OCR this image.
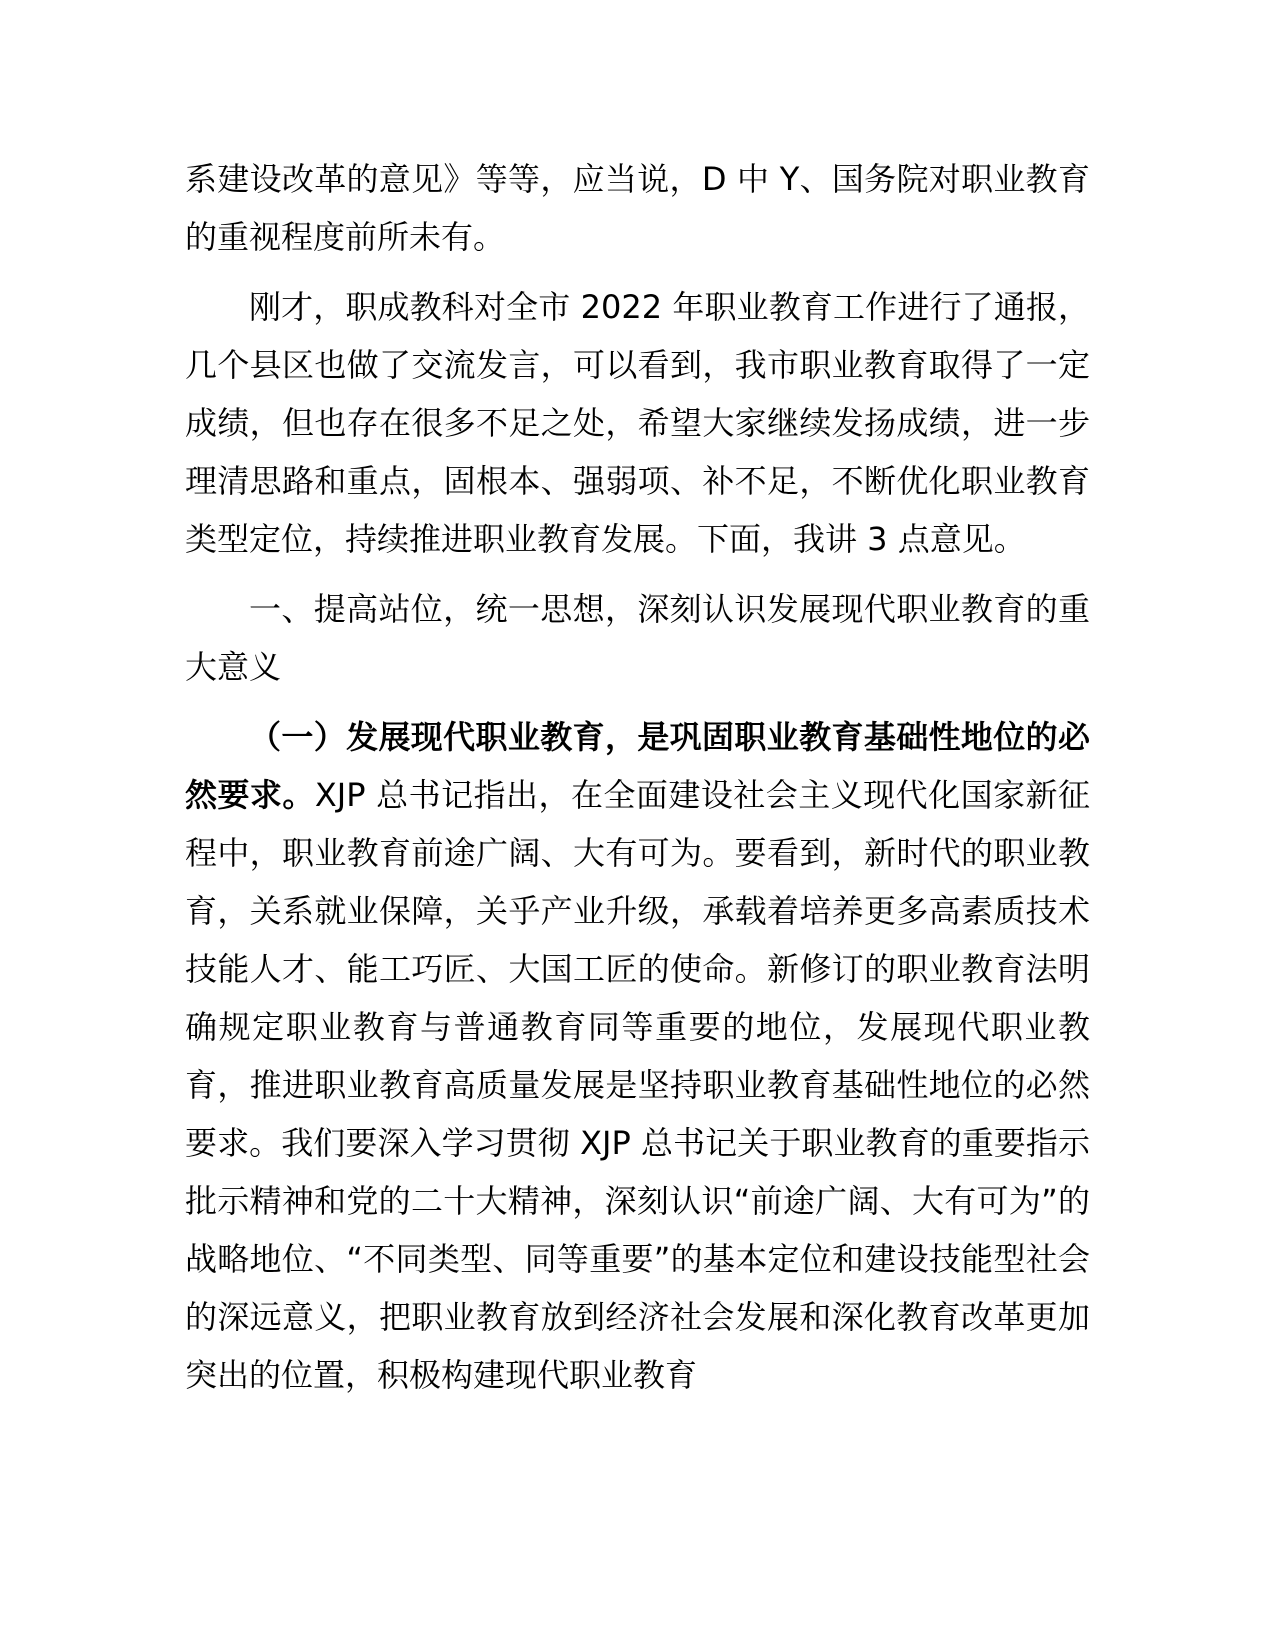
系建设改革的意见》等等，应当说，D 中 Y、国务院对职业教育的重视程度前所未有。

刚才，职成教科对全市 2022 年职业教育工作进行了通报，几个县区也做了交流发言，可以看到，我市职业教育取得了一定成绩，但也存在很多不足之处，希望大家继续发扬成绩，进一步理清思路和重点，固根本、强弱项、补不足，不断优化职业教育类型定位，持续推进职业教育发展。下面，我讲 3 点意见。

一、提高站位，统一思想，深刻认识发展现代职业教育的重大意义

（一）发展现代职业教育，是巩固职业教育基础性地位的必然要求。XJP 总书记指出，在全面建设社会主义现代化国家新征程中，职业教育前途广阔、大有可为。要看到，新时代的职业教育，关系就业保障，关乎产业升级，承载着培养更多高素质技术技能人才、能工巧匠、大国工匠的使命。新修订的职业教育法明确规定职业教育与普通教育同等重要的地位，发展现代职业教育，推进职业教育高质量发展是坚持职业教育基础性地位的必然要求。我们要深入学习贯彻 XJP 总书记关于职业教育的重要指示批示精神和党的二十大精神，深刻认识“前途广阔、大有可为”的战略地位、“不同类型、同等重要”的基本定位和建设技能型社会的深远意义，把职业教育放到经济社会发展和深化教育改革更加突出的位置，积极构建现代职业教育
